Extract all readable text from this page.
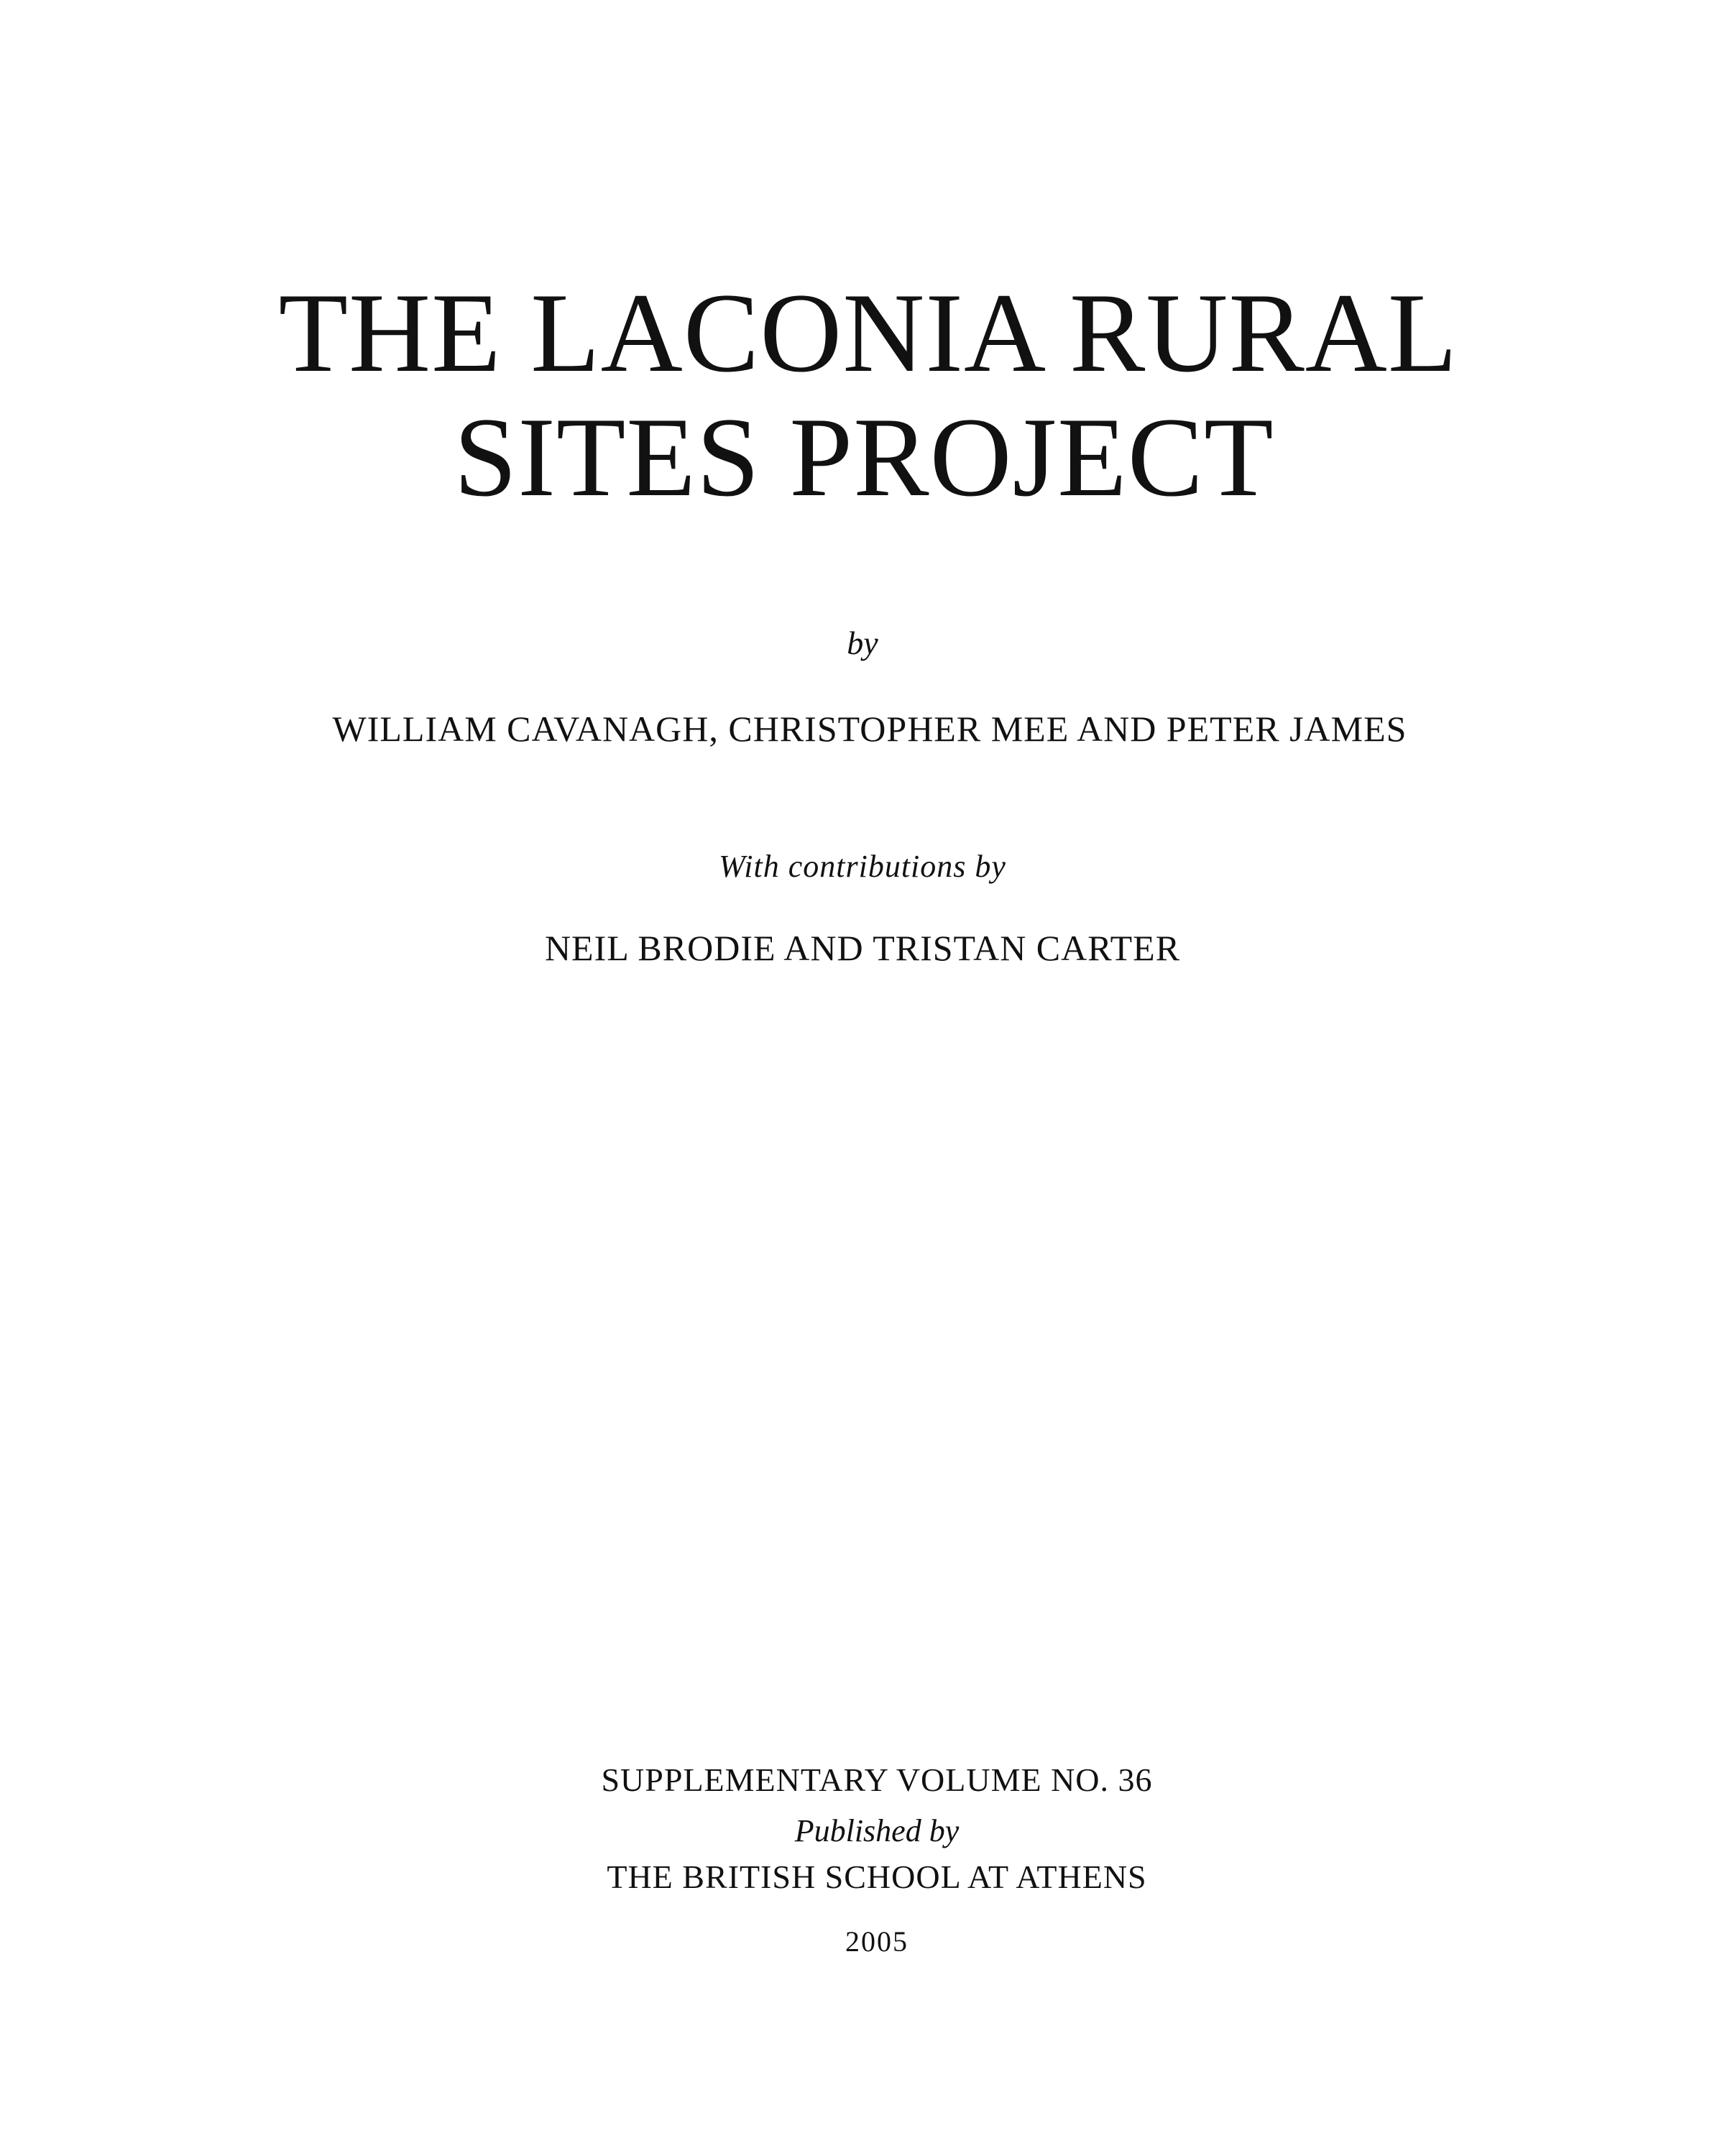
THE LACONIA RURAL
SITES PROJECT
by
WILLIAM CAVANAGH, CHRISTOPHER MEE AND PETER JAMES
With contributions by
NEIL BRODIE AND TRISTAN CARTER
SUPPLEMENTARY VOLUME NO. 36
Published by
THE BRITISH SCHOOL AT ATHENS
2005
